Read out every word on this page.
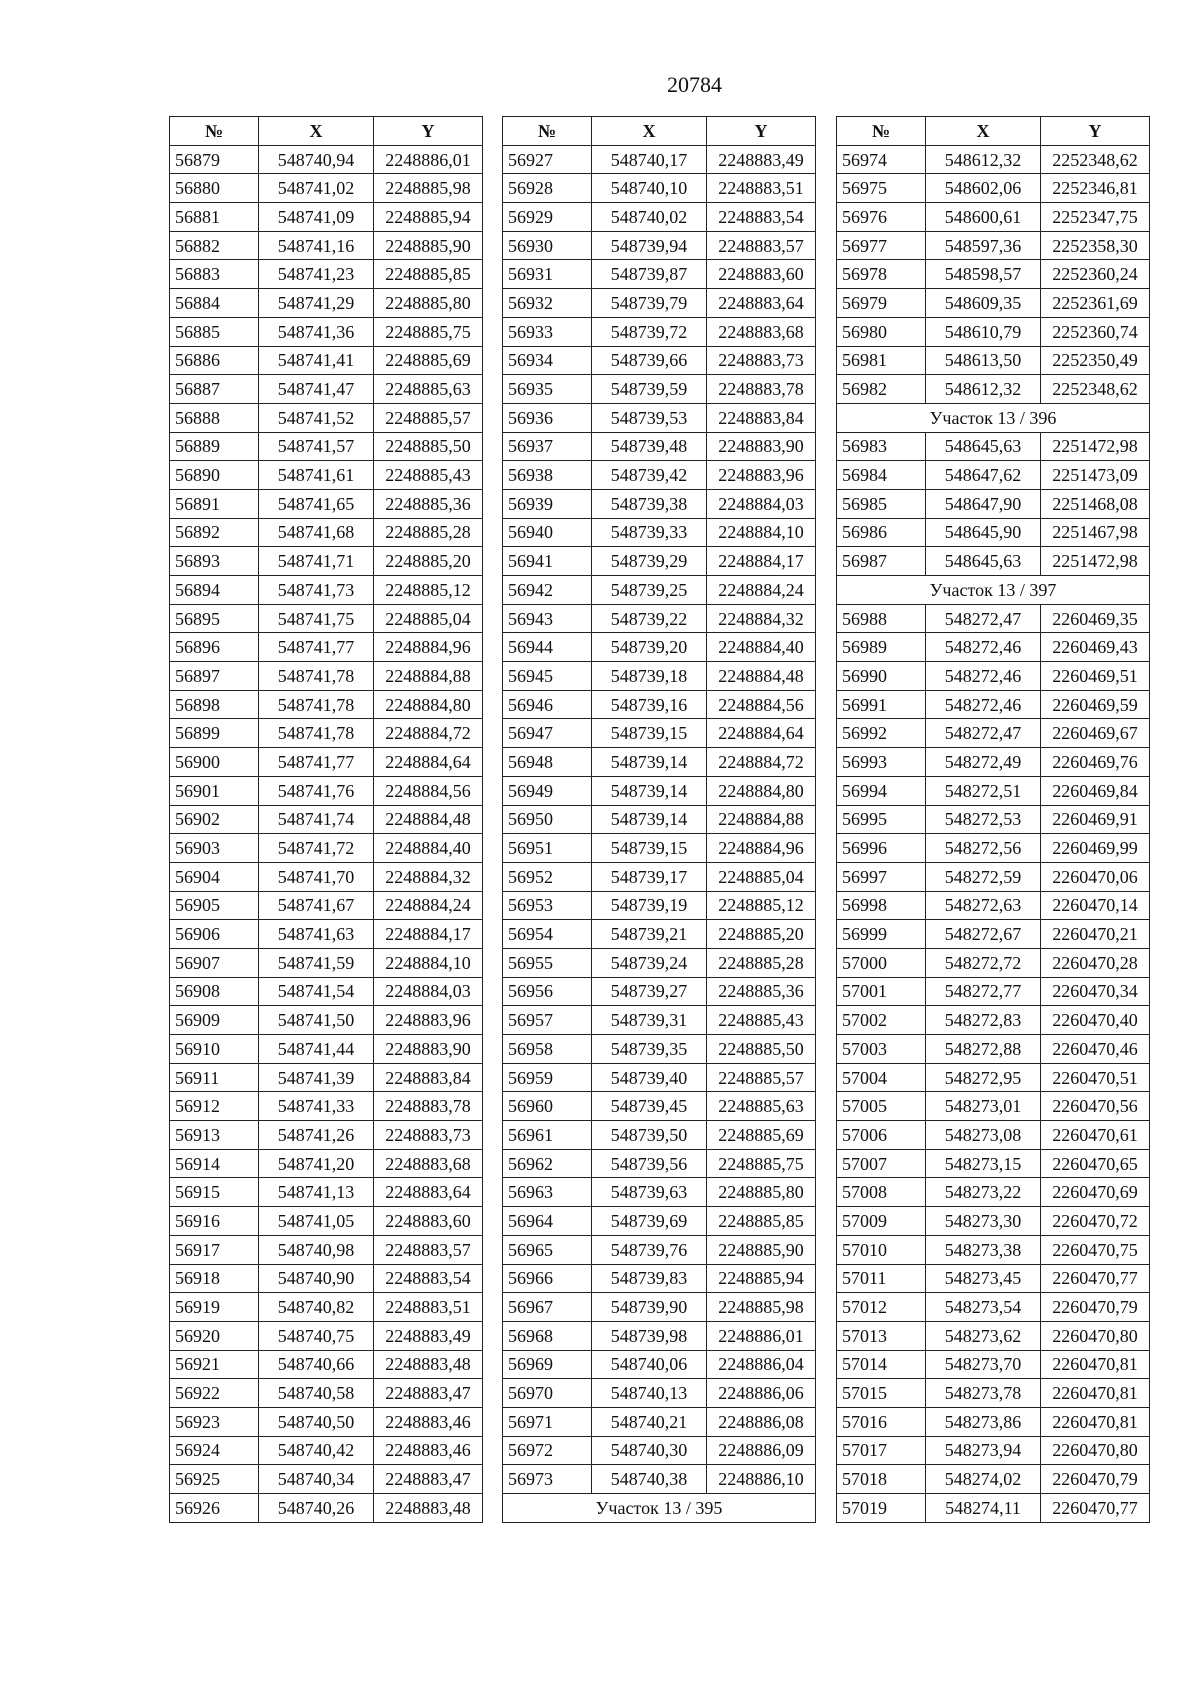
20784
№	X	Y
56879	548740,94	2248886,01
56880	548741,02	2248885,98
56881	548741,09	2248885,94
56882	548741,16	2248885,90
56883	548741,23	2248885,85
56884	548741,29	2248885,80
56885	548741,36	2248885,75
56886	548741,41	2248885,69
56887	548741,47	2248885,63
56888	548741,52	2248885,57
56889	548741,57	2248885,50
56890	548741,61	2248885,43
56891	548741,65	2248885,36
56892	548741,68	2248885,28
56893	548741,71	2248885,20
56894	548741,73	2248885,12
56895	548741,75	2248885,04
56896	548741,77	2248884,96
56897	548741,78	2248884,88
56898	548741,78	2248884,80
56899	548741,78	2248884,72
56900	548741,77	2248884,64
56901	548741,76	2248884,56
56902	548741,74	2248884,48
56903	548741,72	2248884,40
56904	548741,70	2248884,32
56905	548741,67	2248884,24
56906	548741,63	2248884,17
56907	548741,59	2248884,10
56908	548741,54	2248884,03
56909	548741,50	2248883,96
56910	548741,44	2248883,90
56911	548741,39	2248883,84
56912	548741,33	2248883,78
56913	548741,26	2248883,73
56914	548741,20	2248883,68
56915	548741,13	2248883,64
56916	548741,05	2248883,60
56917	548740,98	2248883,57
56918	548740,90	2248883,54
56919	548740,82	2248883,51
56920	548740,75	2248883,49
56921	548740,66	2248883,48
56922	548740,58	2248883,47
56923	548740,50	2248883,46
56924	548740,42	2248883,46
56925	548740,34	2248883,47
56926	548740,26	2248883,48
№	X	Y
56927	548740,17	2248883,49
56928	548740,10	2248883,51
56929	548740,02	2248883,54
56930	548739,94	2248883,57
56931	548739,87	2248883,60
56932	548739,79	2248883,64
56933	548739,72	2248883,68
56934	548739,66	2248883,73
56935	548739,59	2248883,78
56936	548739,53	2248883,84
56937	548739,48	2248883,90
56938	548739,42	2248883,96
56939	548739,38	2248884,03
56940	548739,33	2248884,10
56941	548739,29	2248884,17
56942	548739,25	2248884,24
56943	548739,22	2248884,32
56944	548739,20	2248884,40
56945	548739,18	2248884,48
56946	548739,16	2248884,56
56947	548739,15	2248884,64
56948	548739,14	2248884,72
56949	548739,14	2248884,80
56950	548739,14	2248884,88
56951	548739,15	2248884,96
56952	548739,17	2248885,04
56953	548739,19	2248885,12
56954	548739,21	2248885,20
56955	548739,24	2248885,28
56956	548739,27	2248885,36
56957	548739,31	2248885,43
56958	548739,35	2248885,50
56959	548739,40	2248885,57
56960	548739,45	2248885,63
56961	548739,50	2248885,69
56962	548739,56	2248885,75
56963	548739,63	2248885,80
56964	548739,69	2248885,85
56965	548739,76	2248885,90
56966	548739,83	2248885,94
56967	548739,90	2248885,98
56968	548739,98	2248886,01
56969	548740,06	2248886,04
56970	548740,13	2248886,06
56971	548740,21	2248886,08
56972	548740,30	2248886,09
56973	548740,38	2248886,10
Участок 13 / 395		
№	X	Y
56974	548612,32	2252348,62
56975	548602,06	2252346,81
56976	548600,61	2252347,75
56977	548597,36	2252358,30
56978	548598,57	2252360,24
56979	548609,35	2252361,69
56980	548610,79	2252360,74
56981	548613,50	2252350,49
56982	548612,32	2252348,62
Участок 13 / 396		
56983	548645,63	2251472,98
56984	548647,62	2251473,09
56985	548647,90	2251468,08
56986	548645,90	2251467,98
56987	548645,63	2251472,98
Участок 13 / 397		
56988	548272,47	2260469,35
56989	548272,46	2260469,43
56990	548272,46	2260469,51
56991	548272,46	2260469,59
56992	548272,47	2260469,67
56993	548272,49	2260469,76
56994	548272,51	2260469,84
56995	548272,53	2260469,91
56996	548272,56	2260469,99
56997	548272,59	2260470,06
56998	548272,63	2260470,14
56999	548272,67	2260470,21
57000	548272,72	2260470,28
57001	548272,77	2260470,34
57002	548272,83	2260470,40
57003	548272,88	2260470,46
57004	548272,95	2260470,51
57005	548273,01	2260470,56
57006	548273,08	2260470,61
57007	548273,15	2260470,65
57008	548273,22	2260470,69
57009	548273,30	2260470,72
57010	548273,38	2260470,75
57011	548273,45	2260470,77
57012	548273,54	2260470,79
57013	548273,62	2260470,80
57014	548273,70	2260470,81
57015	548273,78	2260470,81
57016	548273,86	2260470,81
57017	548273,94	2260470,80
57018	548274,02	2260470,79
57019	548274,11	2260470,77
